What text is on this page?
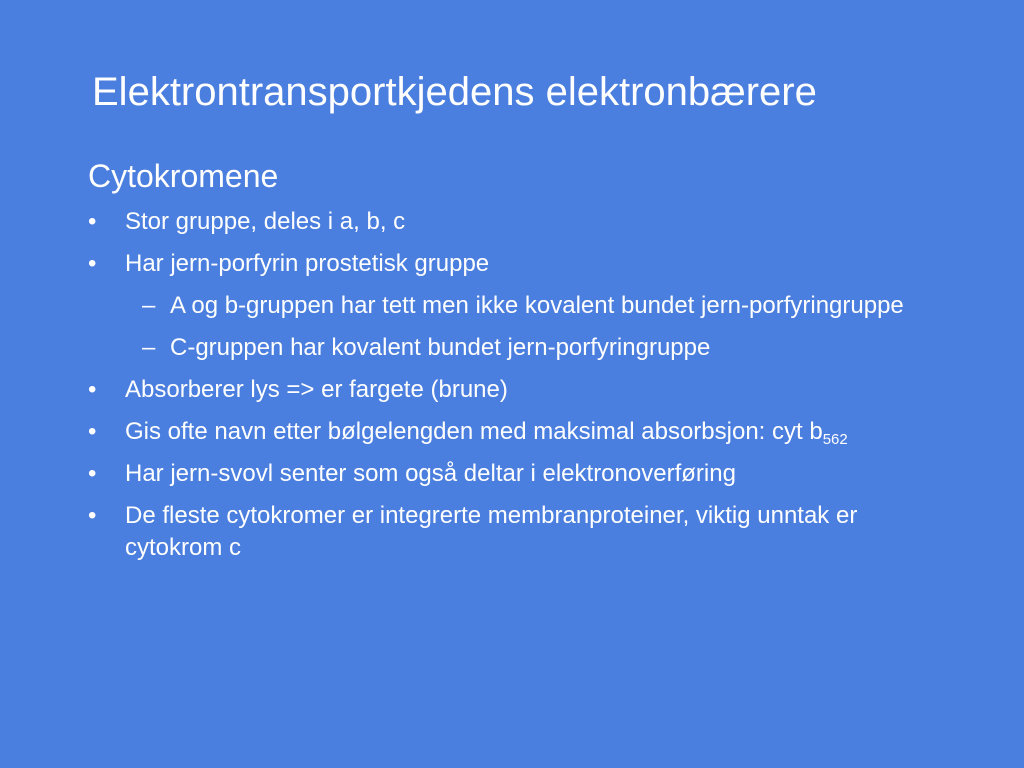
Elektrontransportkjedens elektronbærere
Cytokromene
•	Stor gruppe, deles i a, b, c
•	Har jern-porfyrin prostetisk gruppe
– A og b-gruppen har tett men ikke kovalent bundet jern-porfyringruppe
– C-gruppen har kovalent bundet jern-porfyringruppe
•	Absorberer lys => er fargete (brune)
•	Gis ofte navn etter bølgelengden med maksimal absorbsjon: cyt $b_{562}$
•	Har jern-svovl senter som også deltar i elektronoverføring
•	De fleste cytokromer er integrerte membranproteiner, viktig unntak er cytokrom c
